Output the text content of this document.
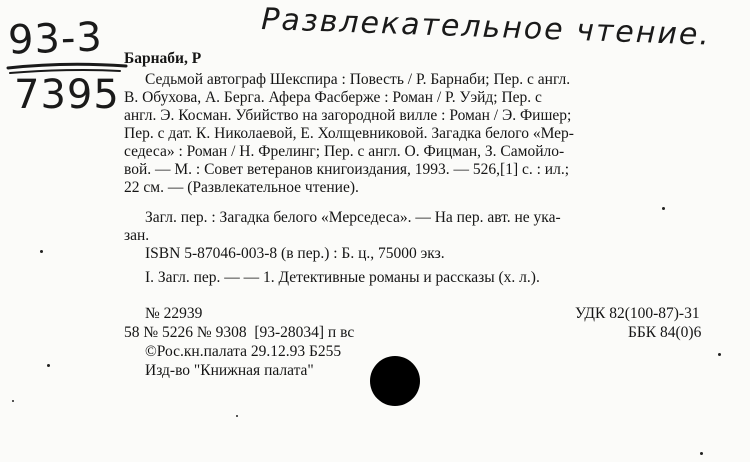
93-3
7395
Развлекательное чтение.
Барнаби, Р
Седьмой автограф Шекспира : Повесть / Р. Барнаби; Пер. с англ.
В. Обухова, А. Берга. Афера Фасберже : Роман / Р. Уэйд; Пер. с
англ. Э. Косман. Убийство на загородной вилле : Роман / Э. Фишер;
Пер. с дат. К. Николаевой, Е. Холщевниковой. Загадка белого «Мер-
седеса» : Роман / Н. Фрелинг; Пер. с англ. О. Фицман, З. Самойло-
вой. — М. : Совет ветеранов книгоиздания, 1993. — 526,[1] с. : ил.;
22 см. — (Развлекательное чтение).
Загл. пер. : Загадка белого «Мерседеса». — На пер. авт. не ука-
зан.
ISBN 5-87046-003-8 (в пер.) : Б. ц., 75000 экз.
I. Загл. пер. — — 1. Детективные романы и рассказы (х. л.).
№ 22939
58 № 5226 № 9308  [93-28034] п вс
©Рос.кн.палата 29.12.93 Б255
Изд-во "Книжная палата"
УДК 82(100-87)-31
ББК 84(0)6
